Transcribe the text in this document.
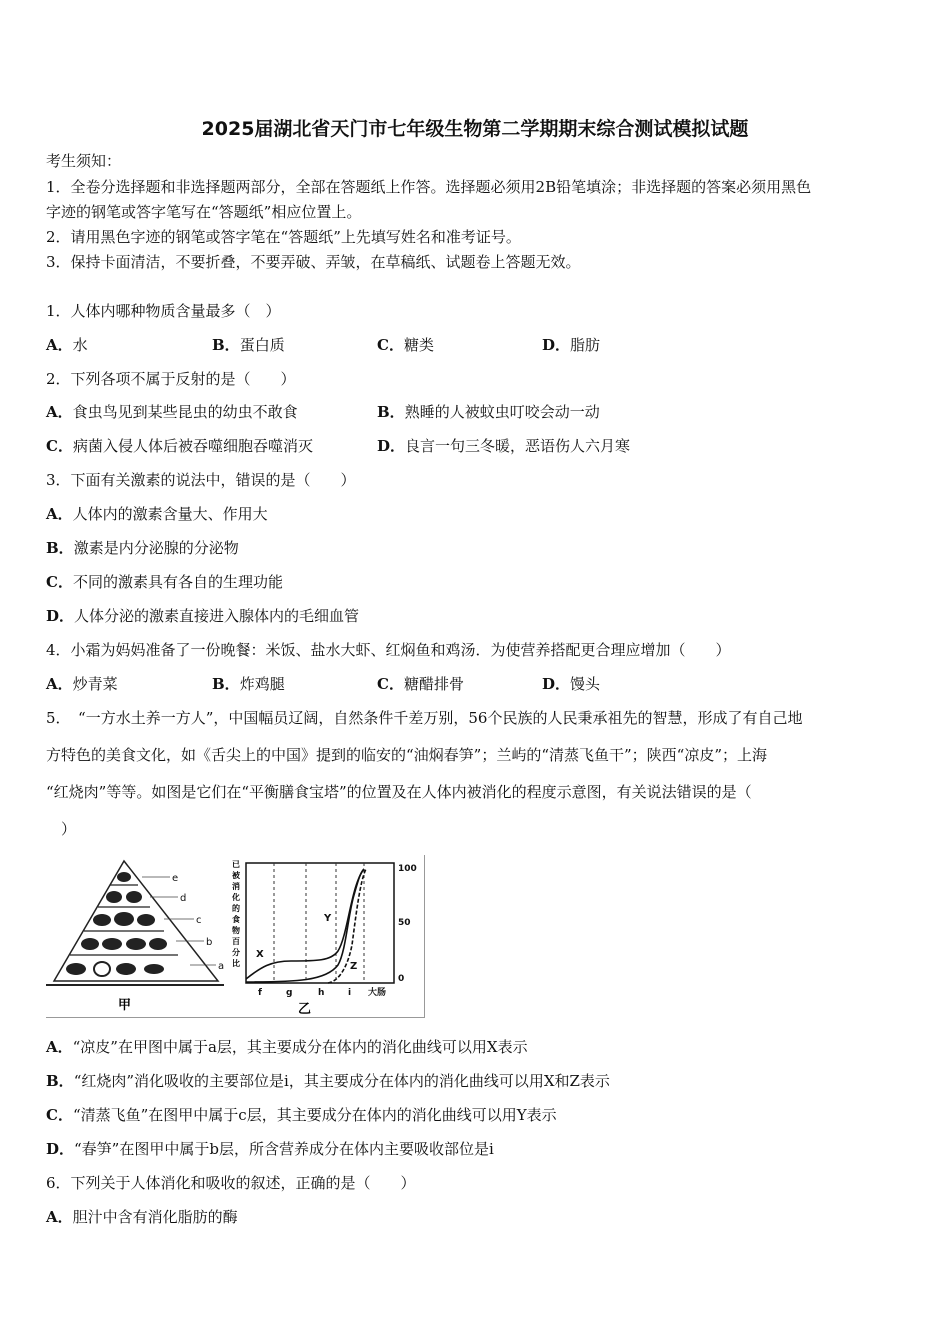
2025届湖北省天门市七年级生物第二学期期末综合测试模拟试题
考生须知：
1．全卷分选择题和非选择题两部分，全部在答题纸上作答。选择题必须用2B铅笔填涂；非选择题的答案必须用黑色
字迹的钢笔或答字笔写在“答题纸”相应位置上。
2．请用黑色字迹的钢笔或答字笔在“答题纸”上先填写姓名和准考证号。
3．保持卡面清洁，不要折叠，不要弄破、弄皱，在草稿纸、试题卷上答题无效。
1．人体内哪种物质含量最多（　）
A．水	B．蛋白质	C．糖类	D．脂肪
2．下列各项不属于反射的是（　　）
A．食虫鸟见到某些昆虫的幼虫不敢食	B．熟睡的人被蚊虫叮咬会动一动
C．病菌入侵人体后被吞噬细胞吞噬消灭	D．良言一句三冬暖，恶语伤人六月寒
3．下面有关激素的说法中，错误的是（　　）
A．人体内的激素含量大、作用大
B．激素是内分泌腺的分泌物
C．不同的激素具有各自的生理功能
D．人体分泌的激素直接进入腺体内的毛细血管
4．小霜为妈妈准备了一份晚餐：米饭、盐水大虾、红焖鱼和鸡汤．为使营养搭配更合理应增加（　　）
A．炒青菜	B．炸鸡腿	C．糖醋排骨	D．馒头
5．　“一方水土养一方人”，中国幅员辽阔，自然条件千差万别，56个民族的人民秉承祖先的智慧，形成了有自己地
方特色的美食文化，如《舌尖上的中国》提到的临安的“油焖春笋”；兰屿的“清蒸飞鱼干”；陕西“凉皮”；上海
“红烧肉”等等。如图是它们在“平衡膳食宝塔”的位置及在人体内被消化的程度示意图，有关说法错误的是（
　）
e
d
c
b
a
甲
已 被 消 化 的 食 物 百 分 比
X
Y
Z
100
50
0
f	g	h	i 大肠
乙
A．“凉皮”在甲图中属于a层，其主要成分在体内的消化曲线可以用X表示
B．“红烧肉”消化吸收的主要部位是i，其主要成分在体内的消化曲线可以用X和Z表示
C．“清蒸飞鱼”在图甲中属于c层，其主要成分在体内的消化曲线可以用Y表示
D．“春笋”在图甲中属于b层，所含营养成分在体内主要吸收部位是i
6．下列关于人体消化和吸收的叙述，正确的是（　　）
A．胆汁中含有消化脂肪的酶
